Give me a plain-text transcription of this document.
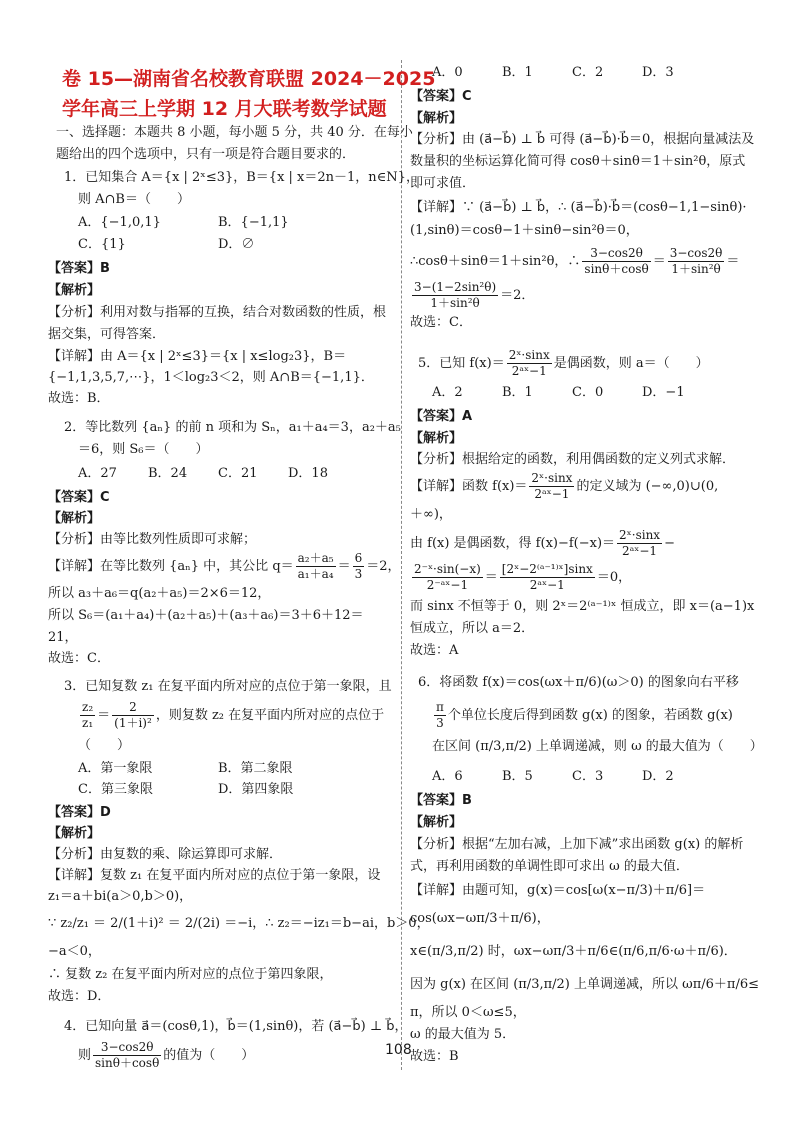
卷 15—湖南省名校教育联盟 2024－2025
学年高三上学期 12 月大联考数学试题
一、选择题：本题共 8 小题，每小题 5 分，共 40 分．在每小
题给出的四个选项中，只有一项是符合题目要求的．
1．已知集合 A＝{x | 2ˣ≤3}，B＝{x | x＝2n－1，n∈N}，
则 A∩B＝（　　）
A．{−1,0,1}	B．{−1,1}
C．{1}	D．∅
【答案】B
【解析】
【分析】利用对数与指幂的互换，结合对数函数的性质，根
据交集，可得答案．
【详解】由 A＝{x | 2ˣ≤3}＝{x | x≤log₂3}，B＝
{−1,1,3,5,7,⋯}，1＜log₂3＜2，则 A∩B＝{−1,1}．
故选：B．
2．等比数列 {aₙ} 的前 n 项和为 Sₙ，a₁＋a₄＝3，a₂＋a₅
＝6，则 S₆＝（　　）
A．27 B．24 C．21 D．18
【答案】C
【解析】
【分析】由等比数列性质即可求解；
【详解】在等比数列 {aₙ} 中，其公比 $q= \frac{\text{a₂＋a₅}}{\text{a₁＋a₄}} = \frac{6}{3} =2$，
所以 a₃＋a₆＝q(a₂＋a₅)＝2×6＝12，
所以 S₆＝(a₁＋a₄)＋(a₂＋a₅)＋(a₃＋a₆)＝3＋6＋12＝
21，
故选：C．
3．已知复数 z₁ 在复平面内所对应的点位于第一象限，且
$\frac{\text{z₂}}{\text{z₁}} = \frac{2}{\text{(1＋i)²}}$ ，则复数 z₂ 在复平面内所对应的点位于
（　　）
A．第一象限	B．第二象限
C．第三象限	D．第四象限
【答案】D
【解析】
【分析】由复数的乘、除运算即可求解．
【详解】复数 z₁ 在复平面内所对应的点位于第一象限，设
z₁＝a＋bi(a＞0,b＞0)，
∵ z₂/z₁ ＝ 2/(1＋i)² ＝ 2/(2i) ＝−i，∴ z₂＝−iz₁＝b−ai，b＞0，
−a＜0，
∴ 复数 z₂ 在复平面内所对应的点位于第四象限，
故选：D．
4．已知向量 a⃗＝(cosθ,1)，b⃗＝(1,sinθ)，若 (a⃗−b⃗) ⊥ b⃗，
则 $\frac{3-\cos 2\theta}{\sin\theta+\cos\theta}$ 的值为（　　）
A．0	B．1	C．2	D．3
【答案】C
【解析】
【分析】由 (a⃗−b⃗) ⊥ b⃗ 可得 (a⃗−b⃗)·b⃗＝0，根据向量减法及
数量积的坐标运算化简可得 cosθ＋sinθ＝1＋sin²θ，原式
即可求值．
【详解】∵ (a⃗−b⃗) ⊥ b⃗，∴ (a⃗−b⃗)·b⃗＝(cosθ−1,1−sinθ)·
(1,sinθ)＝cosθ−1＋sinθ−sin²θ＝0，
∴cosθ＋sinθ＝1＋sin²θ，∴ $\frac{3-\cos 2\theta}{\sin\theta+\cos\theta} = \frac{3-\cos 2\theta}{\text{1＋sin²θ}}$ ＝
$\frac{\text{3−(1−2sin²θ)}}{\text{1＋sin²θ}} =2$．
故选：C．
5．已知 $f(x)= \frac{\text{2ˣ·sinx}}{\text{2ᵃˣ−1}}$ 是偶函数，则 a＝（　　）
A．2	B．1	C．0	D．−1
【答案】A
【解析】
【分析】根据给定的函数，利用偶函数的定义列式求解．
【详解】函数 $f(x)= \frac{\text{2ˣ·sinx}}{\text{2ᵃˣ−1}}$ 的定义域为 (−∞,0)∪(0,
＋∞)，
由 f(x) 是偶函数，得 $f(x)-f(-x)= \frac{\text{2ˣ·sinx}}{\text{2ᵃˣ−1}}$ −
$\frac{\text{2⁻ˣ·sin(−x)}}{\text{2⁻ᵃˣ−1}} = \frac{\text{[2ˣ−2⁽ᵃ⁻¹⁾ˣ]sinx}}{\text{2ᵃˣ−1}} =0$，
而 sinx 不恒等于 0，则 2ˣ＝2⁽ᵃ⁻¹⁾ˣ 恒成立，即 x＝(a−1)x
恒成立，所以 a＝2．
故选：A
6．将函数 f(x)＝cos(ωx＋π/6)(ω＞0) 的图象向右平移
$\frac{\pi}{3}$ 个单位长度后得到函数 g(x) 的图象，若函数 g(x)
在区间 (π/3,π/2) 上单调递减，则 ω 的最大值为（　　）
A．6	B．5	C．3	D．2
【答案】B
【解析】
【分析】根据“左加右减，上加下减”求出函数 g(x) 的解析
式，再利用函数的单调性即可求出 ω 的最大值．
【详解】由题可知，g(x)＝cos[ω(x−π/3)＋π/6]＝
cos(ωx−ωπ/3＋π/6)，
x∈(π/3,π/2) 时，ωx−ωπ/3＋π/6∈(π/6,π/6·ω＋π/6)．
因为 g(x) 在区间 (π/3,π/2) 上单调递减，所以 ωπ/6＋π/6≤
π，所以 0＜ω≤5，
ω 的最大值为 5．
故选：B
108
